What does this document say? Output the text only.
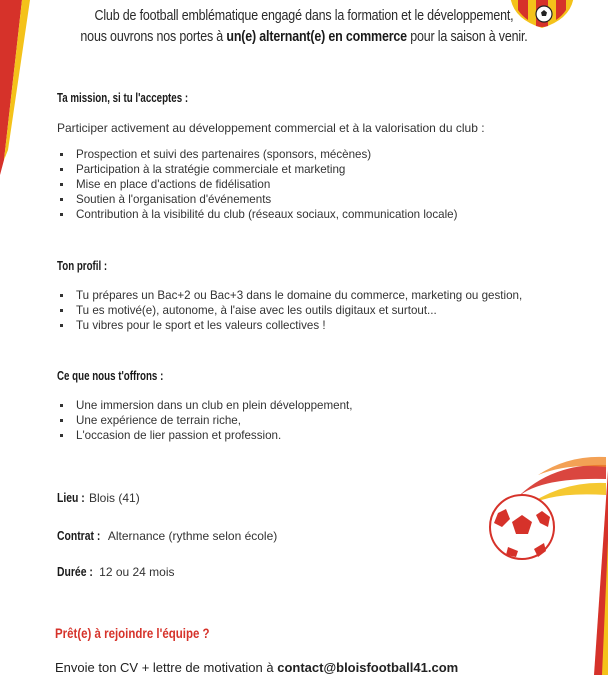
Club de football emblématique engagé dans la formation et le développement,
nous ouvrons nos portes à un(e) alternant(e) en commerce pour la saison à venir.
Ta mission, si tu l'acceptes :
Participer activement au développement commercial et à la valorisation du club :
Prospection et suivi des partenaires (sponsors, mécènes)
Participation à la stratégie commerciale et marketing
Mise en place d'actions de fidélisation
Soutien à l'organisation d'événements
Contribution à la visibilité du club (réseaux sociaux, communication locale)
Ton profil :
Tu prépares un Bac+2 ou Bac+3 dans le domaine du commerce, marketing ou gestion,
Tu es motivé(e), autonome, à l'aise avec les outils digitaux et surtout...
Tu vibres pour le sport et les valeurs collectives !
Ce que nous t'offrons :
Une immersion dans un club en plein développement,
Une expérience de terrain riche,
L'occasion de lier passion et profession.
Lieu : Blois (41)
Contrat : Alternance (rythme selon école)
Durée : 12 ou 24 mois
Prêt(e) à rejoindre l'équipe ?
Envoie ton CV + lettre de motivation à contact@bloisfootball41.com
